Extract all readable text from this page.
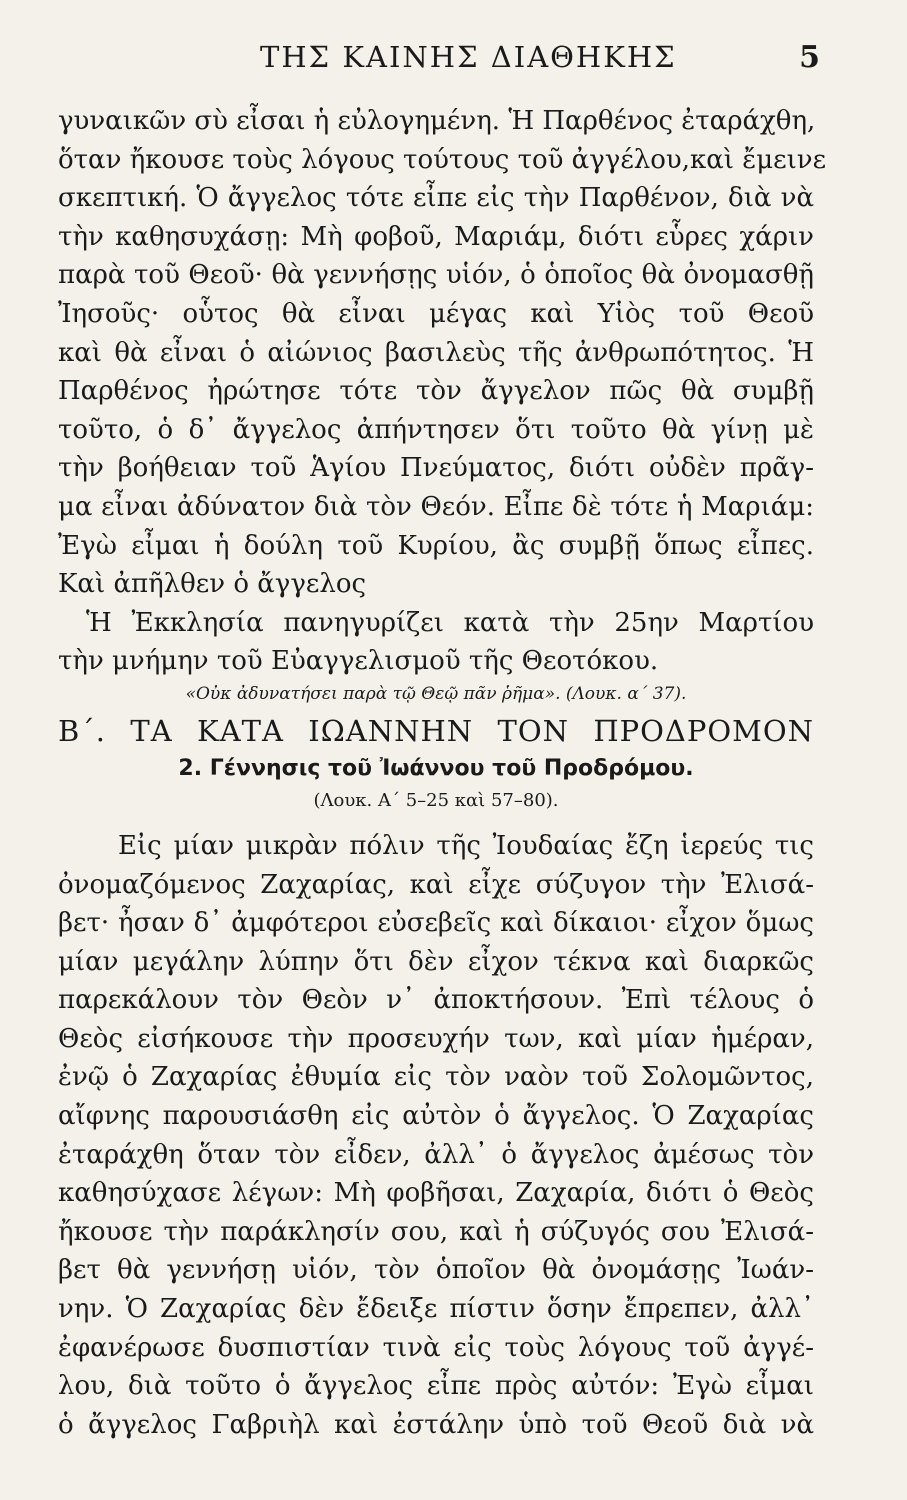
ΤΗΣ ΚΑΙΝΗΣ ΔΙΑΘΗΚΗΣ	5
γυναικῶν σὺ εἶσαι ἡ εὐλογημένη. Ἡ Παρθένος ἐταράχθη,
ὅταν ἤκουσε τοὺς λόγους τούτους τοῦ ἀγγέλου,καὶ ἔμεινε
σκεπτική. Ὁ ἄγγελος τότε εἶπε εἰς τὴν Παρθένον, διὰ νὰ
τὴν καθησυχάσῃ: Μὴ φοβοῦ, Μαριάμ, διότι εὗρες χάριν
παρὰ τοῦ Θεοῦ· θὰ γεννήσῃς υἱόν, ὁ ὁποῖος θὰ ὀνομασθῇ
Ἰησοῦς· οὗτος θὰ εἶναι μέγας καὶ Υἱὸς τοῦ Θεοῦ
καὶ θὰ εἶναι ὁ αἰώνιος βασιλεὺς τῆς ἀνθρωπότητος. Ἡ
Παρθένος ἠρώτησε τότε τὸν ἄγγελον πῶς θὰ συμβῇ
τοῦτο, ὁ δ᾽ ἄγγελος ἀπήντησεν ὅτι τοῦτο θὰ γίνῃ μὲ
τὴν βοήθειαν τοῦ Ἁγίου Πνεύματος, διότι οὐδὲν πρᾶγ-
μα εἶναι ἀδύνατον διὰ τὸν Θεόν. Εἶπε δὲ τότε ἡ Μαριάμ:
Ἐγὼ εἶμαι ἡ δούλη τοῦ Κυρίου, ἂς συμβῇ ὅπως εἶπες.
Καὶ ἀπῆλθεν ὁ ἄγγελος
Ἡ Ἐκκλησία πανηγυρίζει κατὰ τὴν 25ην Μαρτίου
τὴν μνήμην τοῦ Εὐαγγελισμοῦ τῆς Θεοτόκου.
«Οὐκ ἀδυνατήσει παρὰ τῷ Θεῷ πᾶν ῥῆμα». (Λουκ. α΄ 37).
Β΄. ΤΑ ΚΑΤΑ ΙΩΑΝΝΗΝ ΤΟΝ ΠΡΟΔΡΟΜΟΝ
2. Γέννησις τοῦ Ἰωάννου τοῦ Προδρόμου.
(Λουκ. Α΄ 5–25 καὶ 57–80).
Εἰς μίαν μικρὰν πόλιν τῆς Ἰουδαίας ἔζη ἱερεύς τις
ὀνομαζόμενος Ζαχαρίας, καὶ εἶχε σύζυγον τὴν Ἐλισά-
βετ· ἦσαν δ᾽ ἀμφότεροι εὐσεβεῖς καὶ δίκαιοι· εἶχον ὅμως
μίαν μεγάλην λύπην ὅτι δὲν εἶχον τέκνα καὶ διαρκῶς
παρεκάλουν τὸν Θεὸν ν᾽ ἀποκτήσουν. Ἐπὶ τέλους ὁ
Θεὸς εἰσήκουσε τὴν προσευχήν των, καὶ μίαν ἡμέραν,
ἐνῷ ὁ Ζαχαρίας ἐθυμία εἰς τὸν ναὸν τοῦ Σολομῶντος,
αἴφνης παρουσιάσθη εἰς αὐτὸν ὁ ἄγγελος. Ὁ Ζαχαρίας
ἐταράχθη ὅταν τὸν εἶδεν, ἀλλ᾽ ὁ ἄγγελος ἀμέσως τὸν
καθησύχασε λέγων: Μὴ φοβῆσαι, Ζαχαρία, διότι ὁ Θεὸς
ἤκουσε τὴν παράκλησίν σου, καὶ ἡ σύζυγός σου Ἐλισά-
βετ θὰ γεννήσῃ υἱόν, τὸν ὁποῖον θὰ ὀνομάσῃς Ἰωάν-
νην. Ὁ Ζαχαρίας δὲν ἔδειξε πίστιν ὅσην ἔπρεπεν, ἀλλ᾽
ἐφανέρωσε δυσπιστίαν τινὰ εἰς τοὺς λόγους τοῦ ἀγγέ-
λου, διὰ τοῦτο ὁ ἄγγελος εἶπε πρὸς αὐτόν: Ἐγὼ εἶμαι
ὁ ἄγγελος Γαβριὴλ καὶ ἐστάλην ὑπὸ τοῦ Θεοῦ διὰ νὰ
